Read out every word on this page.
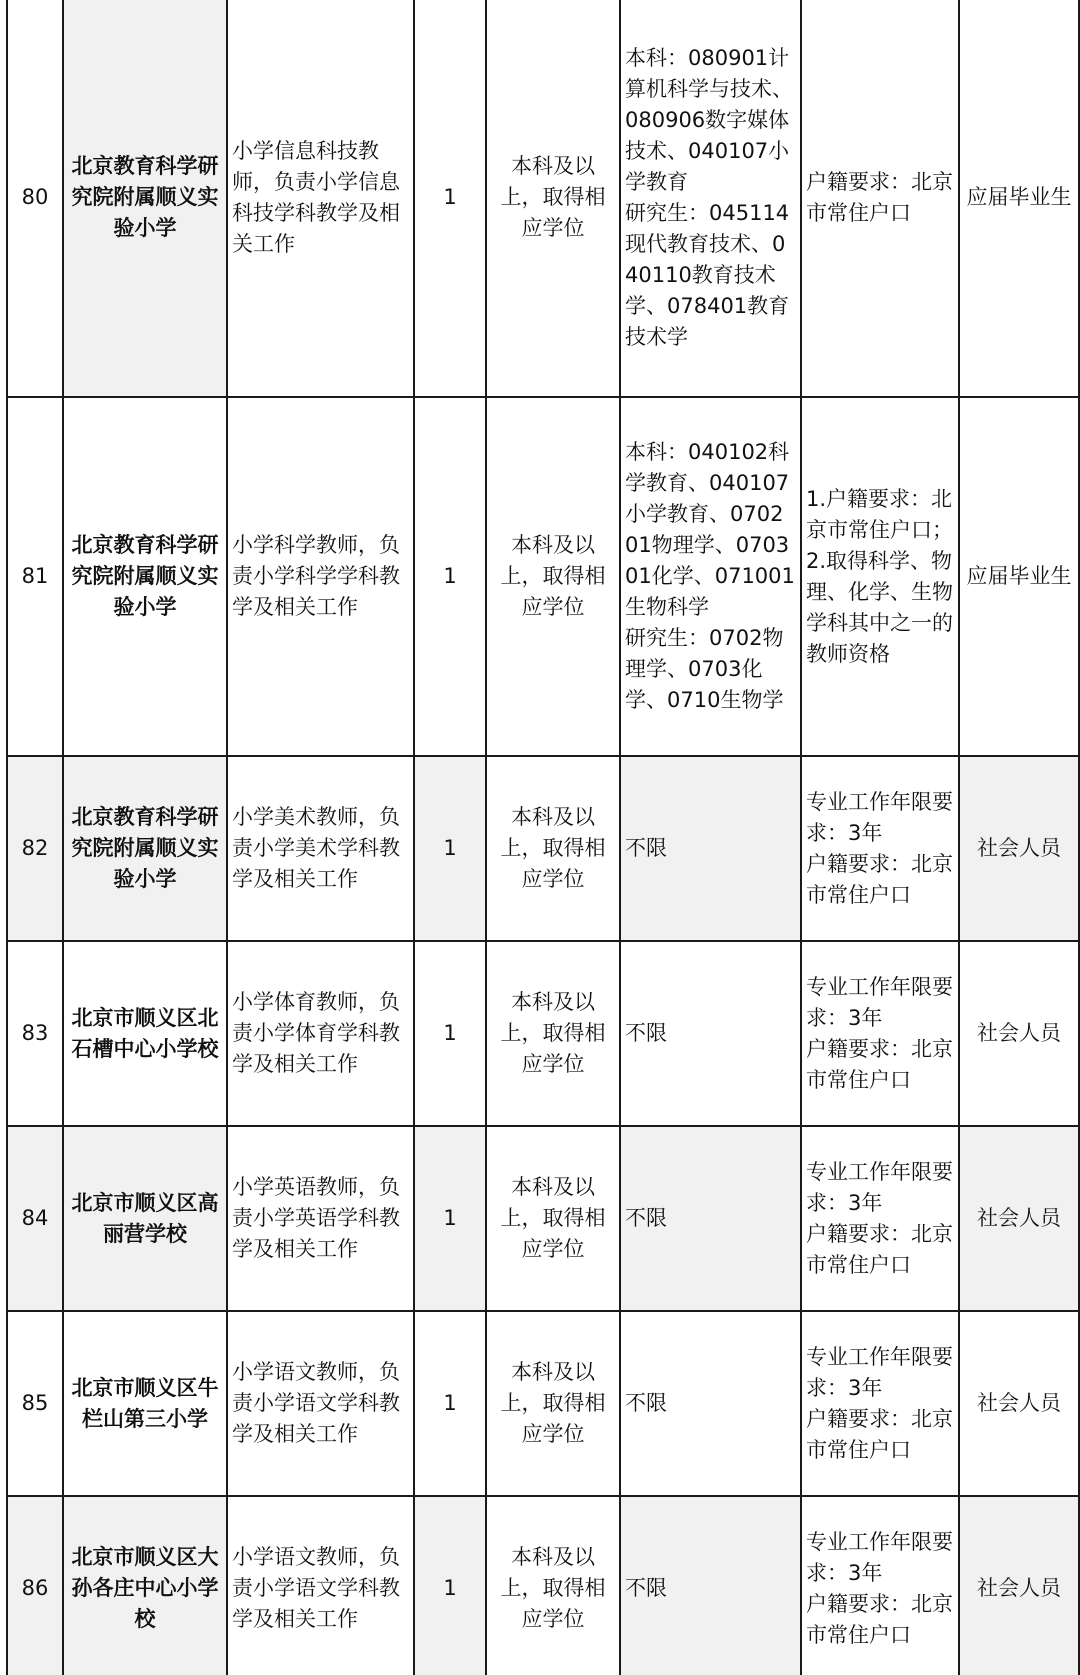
80	北京教育科学研究院附属顺义实验小学	小学信息科技教师，负责小学信息科技学科教学及相关工作	1	本科及以上，取得相应学位	本科：080901计算机科学与技术、080906数字媒体技术、040107小学教育
研究生：045114现代教育技术、040110教育技术学、078401教育技术学	户籍要求：北京市常住户口	应届毕业生

81	北京教育科学研究院附属顺义实验小学	小学科学教师，负责小学科学学科教学及相关工作	1	本科及以上，取得相应学位	本科：040102科学教育、040107小学教育、070201物理学、070301化学、071001生物科学
研究生：0702物理学、0703化学、0710生物学	1.户籍要求：北京市常住户口；
2.取得科学、物理、化学、生物学科其中之一的教师资格	应届毕业生

82	北京教育科学研究院附属顺义实验小学	小学美术教师，负责小学美术学科教学及相关工作	1	本科及以上，取得相应学位	不限	专业工作年限要求：3年
户籍要求：北京市常住户口	社会人员

83	北京市顺义区北石槽中心小学校	小学体育教师，负责小学体育学科教学及相关工作	1	本科及以上，取得相应学位	不限	专业工作年限要求：3年
户籍要求：北京市常住户口	社会人员

84	北京市顺义区高丽营学校	小学英语教师，负责小学英语学科教学及相关工作	1	本科及以上，取得相应学位	不限	专业工作年限要求：3年
户籍要求：北京市常住户口	社会人员

85	北京市顺义区牛栏山第三小学	小学语文教师，负责小学语文学科教学及相关工作	1	本科及以上，取得相应学位	不限	专业工作年限要求：3年
户籍要求：北京市常住户口	社会人员

86	北京市顺义区大孙各庄中心小学校	小学语文教师，负责小学语文学科教学及相关工作	1	本科及以上，取得相应学位	不限	专业工作年限要求：3年
户籍要求：北京市常住户口	社会人员
